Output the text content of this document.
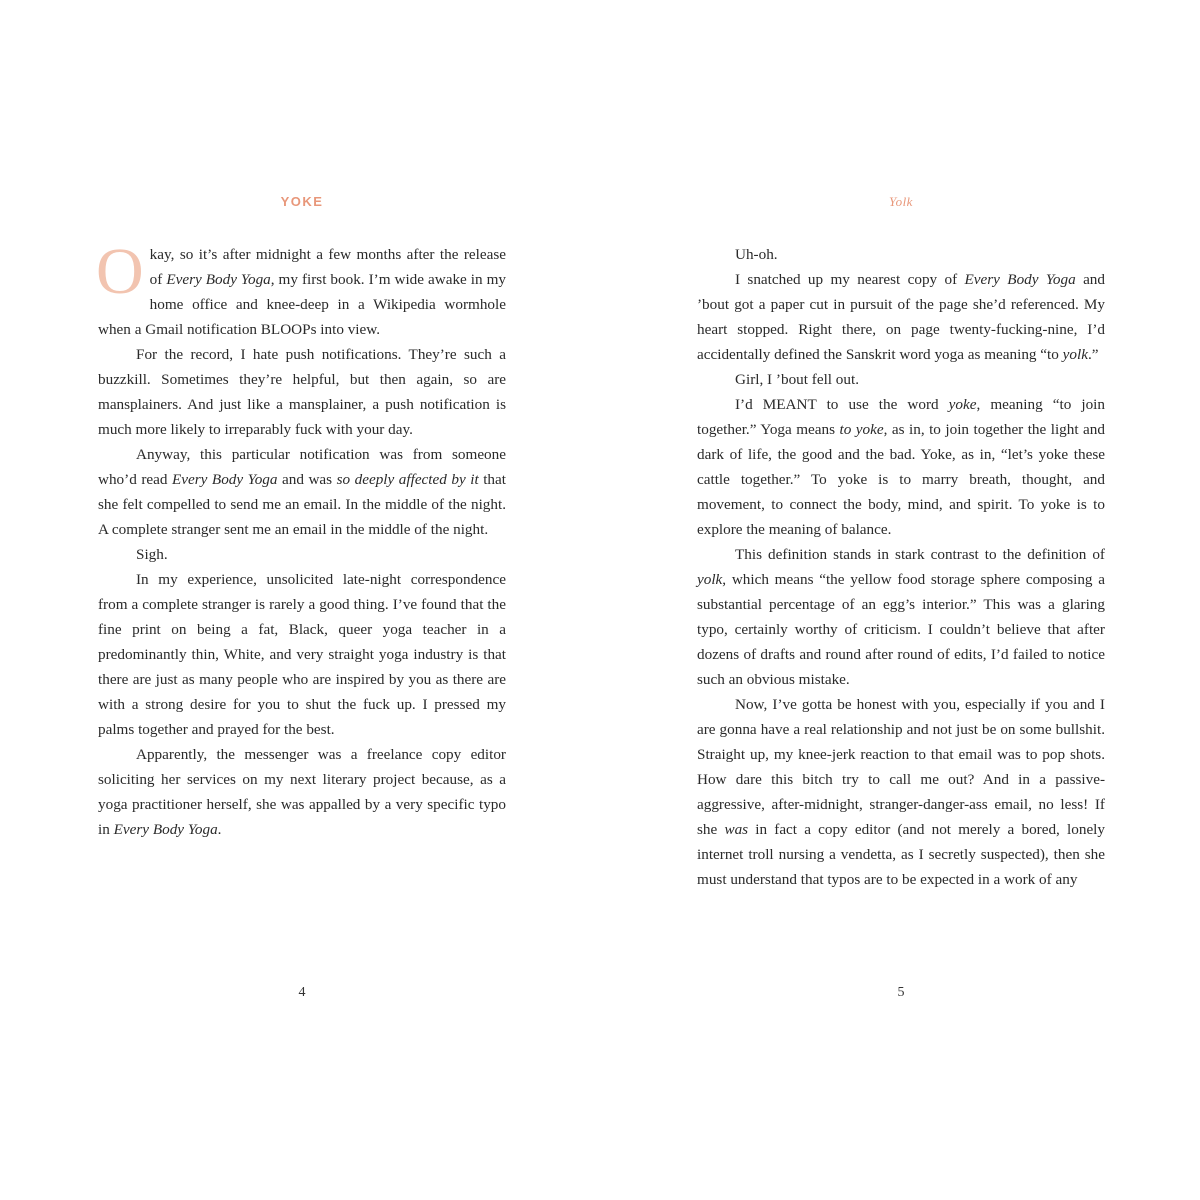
YOKE

Okay, so it’s after midnight a few months after the release of Every Body Yoga, my first book. I’m wide awake in my home office and knee-deep in a Wikipedia wormhole when a Gmail notification BLOOPs into view.

For the record, I hate push notifications. They’re such a buzzkill. Sometimes they’re helpful, but then again, so are mansplainers. And just like a mansplainer, a push notification is much more likely to irreparably fuck with your day.

Anyway, this particular notification was from someone who’d read Every Body Yoga and was so deeply affected by it that she felt compelled to send me an email. In the middle of the night. A complete stranger sent me an email in the middle of the night.

Sigh.

In my experience, unsolicited late-night correspondence from a complete stranger is rarely a good thing. I’ve found that the fine print on being a fat, Black, queer yoga teacher in a predominantly thin, White, and very straight yoga industry is that there are just as many people who are inspired by you as there are with a strong desire for you to shut the fuck up. I pressed my palms together and prayed for the best.

Apparently, the messenger was a freelance copy editor soliciting her services on my next literary project because, as a yoga practitioner herself, she was appalled by a very specific typo in Every Body Yoga.

4
Yolk

Uh-oh.

I snatched up my nearest copy of Every Body Yoga and ’bout got a paper cut in pursuit of the page she’d referenced. My heart stopped. Right there, on page twenty-fucking-nine, I’d accidentally defined the Sanskrit word yoga as meaning “to yolk.”

Girl, I ’bout fell out.

I’d MEANT to use the word yoke, meaning “to join together.” Yoga means to yoke, as in, to join together the light and dark of life, the good and the bad. Yoke, as in, “let’s yoke these cattle together.” To yoke is to marry breath, thought, and movement, to connect the body, mind, and spirit. To yoke is to explore the meaning of balance.

This definition stands in stark contrast to the definition of yolk, which means “the yellow food storage sphere composing a substantial percentage of an egg’s interior.” This was a glaring typo, certainly worthy of criticism. I couldn’t believe that after dozens of drafts and round after round of edits, I’d failed to notice such an obvious mistake.

Now, I’ve gotta be honest with you, especially if you and I are gonna have a real relationship and not just be on some bullshit. Straight up, my knee-jerk reaction to that email was to pop shots. How dare this bitch try to call me out? And in a passive-aggressive, after-midnight, stranger-danger-ass email, no less! If she was in fact a copy editor (and not merely a bored, lonely internet troll nursing a vendetta, as I secretly suspected), then she must understand that typos are to be expected in a work of any

5
